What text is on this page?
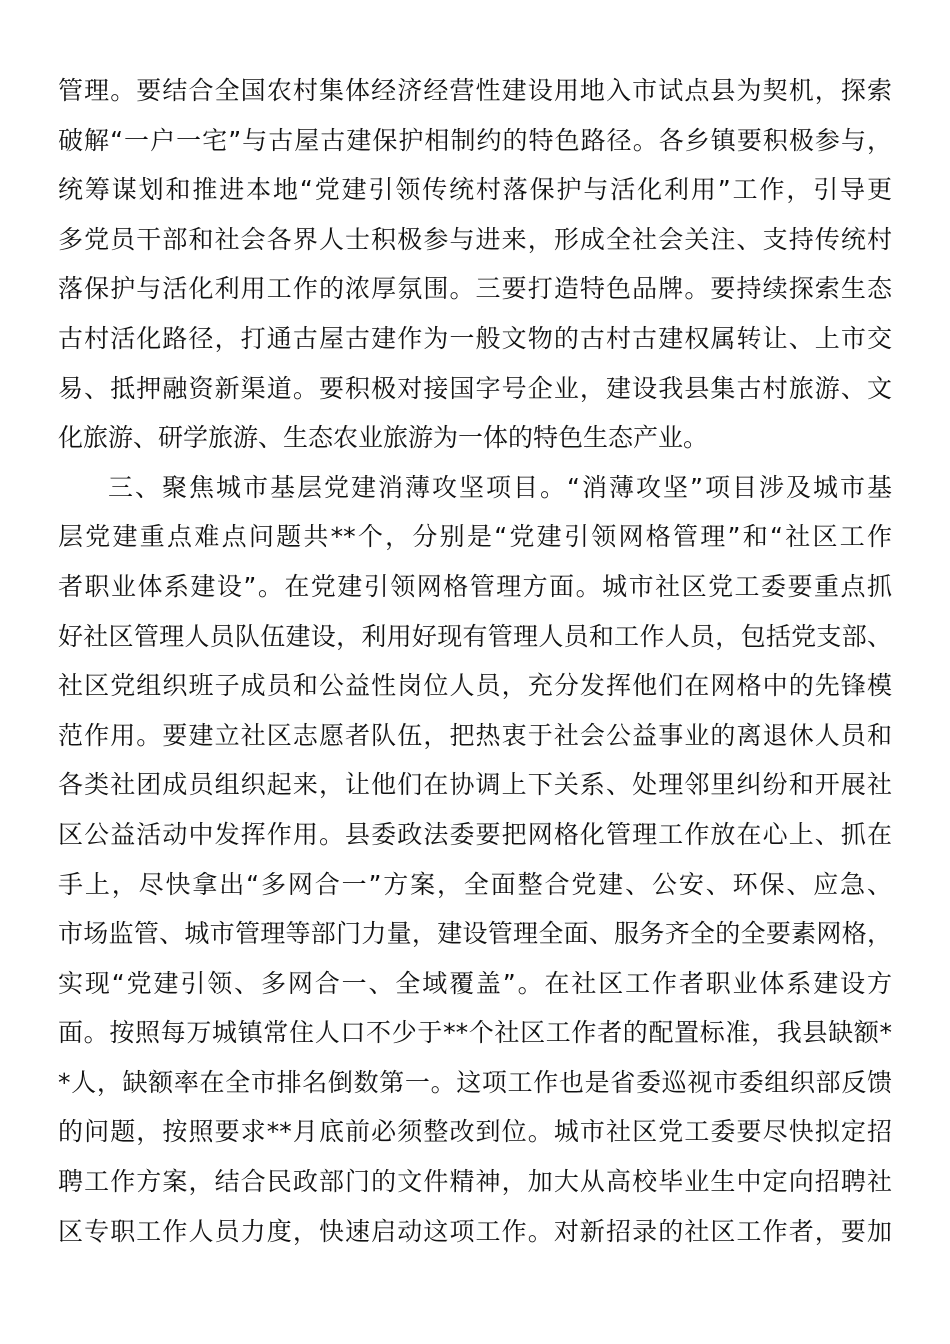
管理。要结合全国农村集体经济经营性建设用地入市试点县为契机，探索
破解“一户一宅”与古屋古建保护相制约的特色路径。各乡镇要积极参与，
统筹谋划和推进本地“党建引领传统村落保护与活化利用”工作，引导更
多党员干部和社会各界人士积极参与进来，形成全社会关注、支持传统村
落保护与活化利用工作的浓厚氛围。三要打造特色品牌。要持续探索生态
古村活化路径，打通古屋古建作为一般文物的古村古建权属转让、上市交
易、抵押融资新渠道。要积极对接国字号企业，建设我县集古村旅游、文
化旅游、研学旅游、生态农业旅游为一体的特色生态产业。
三、聚焦城市基层党建消薄攻坚项目。“消薄攻坚”项目涉及城市基
层党建重点难点问题共**个，分别是“党建引领网格管理”和“社区工作
者职业体系建设”。在党建引领网格管理方面。城市社区党工委要重点抓
好社区管理人员队伍建设，利用好现有管理人员和工作人员，包括党支部、
社区党组织班子成员和公益性岗位人员，充分发挥他们在网格中的先锋模
范作用。要建立社区志愿者队伍，把热衷于社会公益事业的离退休人员和
各类社团成员组织起来，让他们在协调上下关系、处理邻里纠纷和开展社
区公益活动中发挥作用。县委政法委要把网格化管理工作放在心上、抓在
手上，尽快拿出“多网合一”方案，全面整合党建、公安、环保、应急、
市场监管、城市管理等部门力量，建设管理全面、服务齐全的全要素网格，
实现“党建引领、多网合一、全域覆盖”。在社区工作者职业体系建设方
面。按照每万城镇常住人口不少于**个社区工作者的配置标准，我县缺额*
*人，缺额率在全市排名倒数第一。这项工作也是省委巡视市委组织部反馈
的问题，按照要求**月底前必须整改到位。城市社区党工委要尽快拟定招
聘工作方案，结合民政部门的文件精神，加大从高校毕业生中定向招聘社
区专职工作人员力度，快速启动这项工作。对新招录的社区工作者，要加
